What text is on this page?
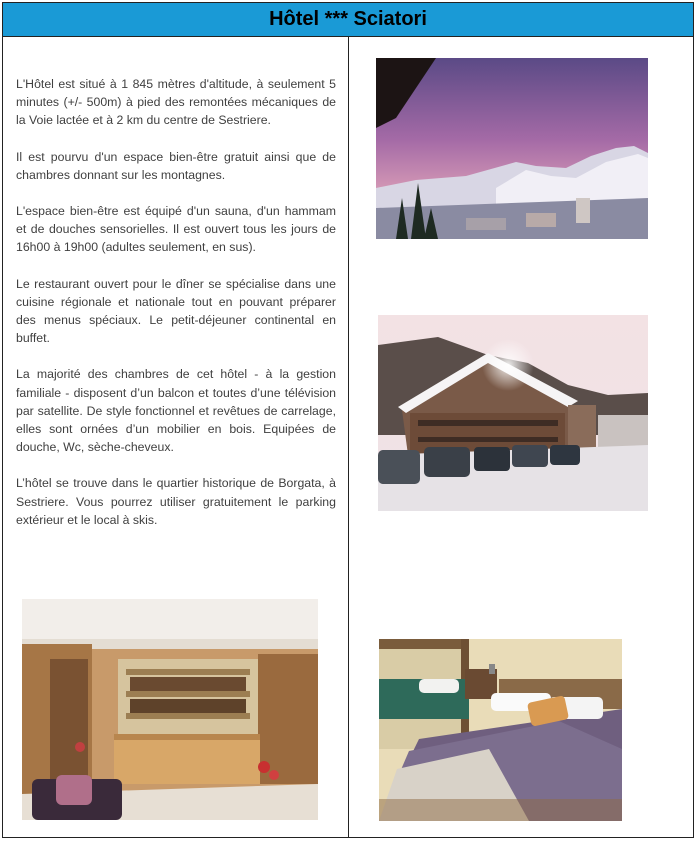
Hôtel *** Sciatori

L'Hôtel est situé à 1 845 mètres d'altitude, à seulement 5 minutes (+/- 500m) à pied des remontées mécaniques de la Voie lactée et à 2 km du centre de Sestriere.

Il est pourvu d'un espace bien-être gratuit ainsi que de chambres donnant sur les montagnes.

L'espace bien-être est équipé d'un sauna, d'un hammam et de douches sensorielles. Il est ouvert tous les jours de 16h00 à 19h00 (adultes seulement, en sus).

Le restaurant ouvert pour le dîner se spécialise dans une cuisine régionale et nationale tout en pouvant préparer des menus spéciaux. Le petit-déjeuner continental en buffet.

La majorité des chambres de cet hôtel - à la gestion familiale - disposent d’un balcon et toutes d’une télévision par satellite. De style fonctionnel et revêtues de carrelage, elles sont ornées d’un mobilier en bois. Equipées de douche, Wc, sèche-cheveux.

L’hôtel se trouve dans le quartier historique de Borgata, à Sestriere. Vous pourrez utiliser gratuitement le parking extérieur et le local à skis.
